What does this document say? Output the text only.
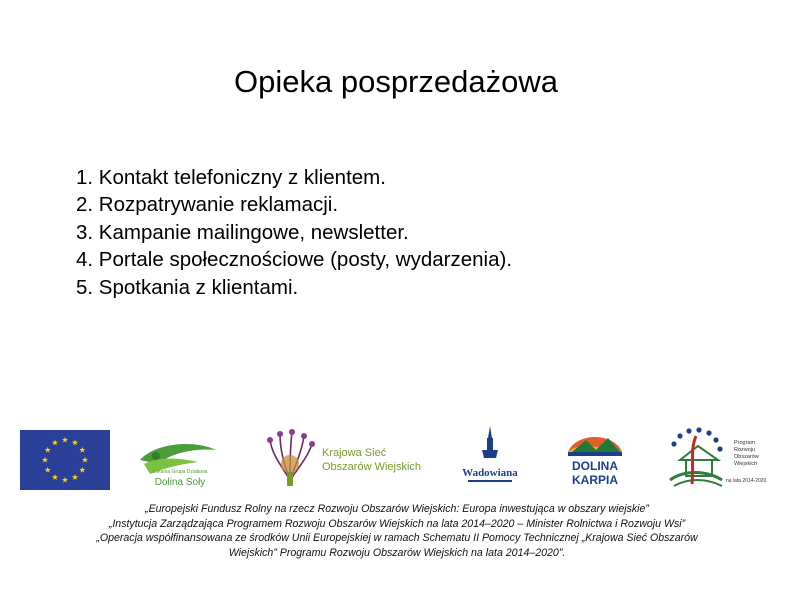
Opieka posprzedażowa
1. Kontakt telefoniczny z klientem.
2. Rozpatrywanie reklamacji.
3. Kampanie mailingowe, newsletter.
4. Portale społecznościowe (posty, wydarzenia).
5. Spotkania z klientami.
Lokalna Grupa Działania
Dolina Soły
Krajowa Sieć
Obszarów Wiejskich	Wadowiana	DOLINA
KARPIA
Program
Rozwoju
Obszarów
Wiejskich
na lata 2014-2020
„Europejski Fundusz Rolny na rzecz Rozwoju Obszarów Wiejskich: Europa inwestująca w obszary wiejskie”
„Instytucja Zarządzająca Programem Rozwoju Obszarów Wiejskich na lata 2014–2020 – Minister Rolnictwa i Rozwoju Wsi”
„Operacja współfinansowana ze środków Unii Europejskiej w ramach Schematu II Pomocy Technicznej „Krajowa Sieć Obszarów
Wiejskich” Programu Rozwoju Obszarów Wiejskich na lata 2014–2020”.
